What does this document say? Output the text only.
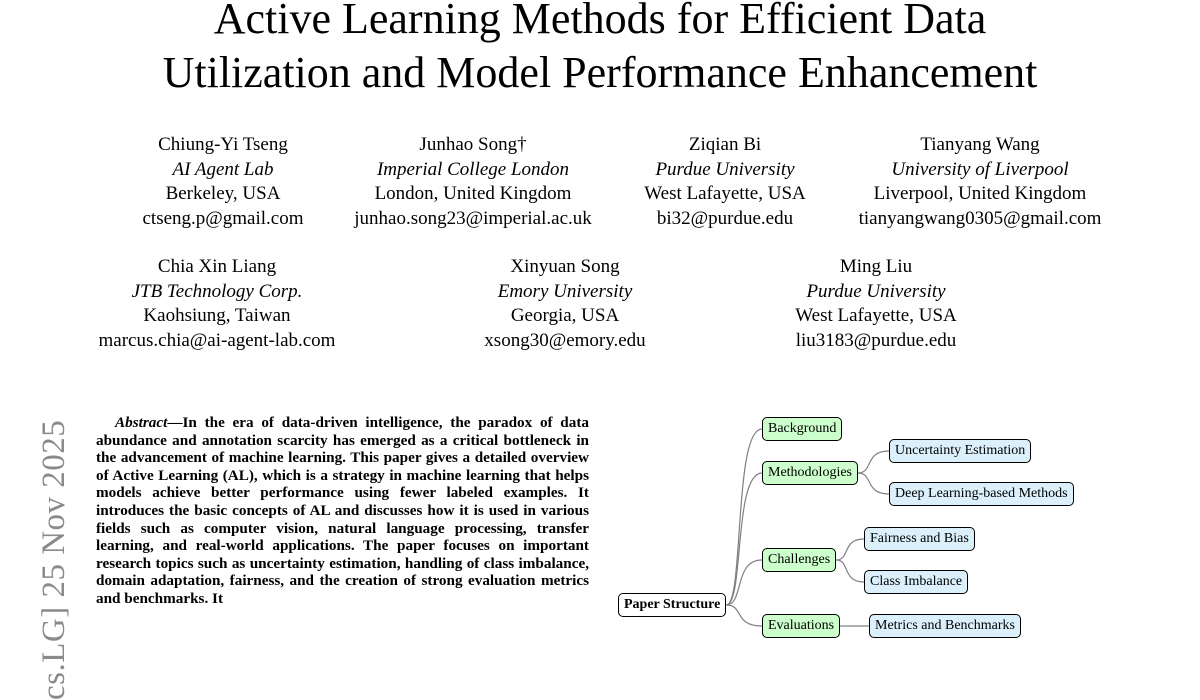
Active Learning Methods for Efficient Data
Utilization and Model Performance Enhancement
Chiung-Yi Tseng
AI Agent Lab
Berkeley, USA
ctseng.p@gmail.com
Junhao Song†
Imperial College London
London, United Kingdom
junhao.song23@imperial.ac.uk
Ziqian Bi
Purdue University
West Lafayette, USA
bi32@purdue.edu
Tianyang Wang
University of Liverpool
Liverpool, United Kingdom
tianyangwang0305@gmail.com
Chia Xin Liang
JTB Technology Corp.
Kaohsiung, Taiwan
marcus.chia@ai-agent-lab.com
Xinyuan Song
Emory University
Georgia, USA
xsong30@emory.edu
Ming Liu
Purdue University
West Lafayette, USA
liu3183@purdue.edu
cs.LG] 25 Nov 2025	Abstract—In the era of data-driven intelligence, the paradox of data abundance and annotation scarcity has emerged as a critical bottleneck in the advancement of machine learning. This paper gives a detailed overview of Active Learning (AL), which is a strategy in machine learning that helps models achieve better performance using fewer labeled examples. It introduces the basic concepts of AL and discusses how it is used in various fields such as computer vision, natural language processing, transfer learning, and real-world applications. The paper focuses on important research topics such as uncertainty estimation, handling of class imbalance, domain adaptation, fairness, and the creation of strong evaluation metrics and benchmarks. It	Paper Structure
Background
Methodologies
Challenges
Evaluations
Uncertainty Estimation
Deep Learning-based Methods
Fairness and Bias
Class Imbalance
Metrics and Benchmarks
